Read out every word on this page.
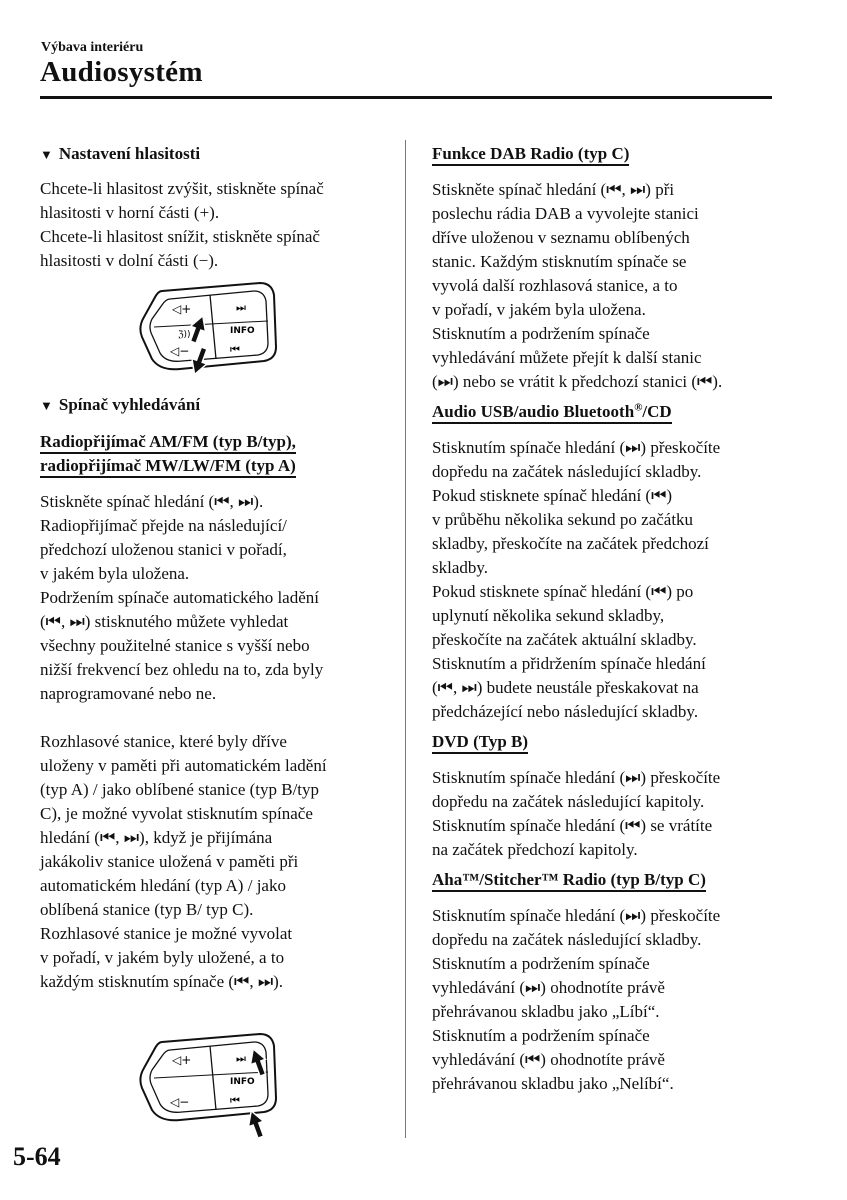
Výbava interiéru
Audiosystém

▼ Nastavení hlasitosti

Chcete-li hlasitost zvýšit, stiskněte spínač

hlasitosti v horní části (+).

Chcete-li hlasitost snížit, stiskněte spínač

hlasitosti v dolní části (−).

◁+
ℨ))
◁−
⏭
INFO
⏮

▼ Spínač vyhledávání

Radiopřijímač AM/FM (typ B/typ),
radiopřijímač MW/LW/FM (typ A)

Stiskněte spínač hledání (⏮, ⏭).

Radiopřijímač přejde na následující/

předchozí uloženou stanici v pořadí,

v jakém byla uložena.

Podržením spínače automatického ladění

(⏮, ⏭) stisknutého můžete vyhledat

všechny použitelné stanice s vyšší nebo

nižší frekvencí bez ohledu na to, zda byly

naprogramované nebo ne.

Rozhlasové stanice, které byly dříve

uloženy v paměti při automatickém ladění

(typ A) / jako oblíbené stanice (typ B/typ

C), je možné vyvolat stisknutím spínače

hledání (⏮, ⏭), když je přijímána

jakákoliv stanice uložená v paměti při

automatickém hledání (typ A) / jako

oblíbená stanice (typ B/ typ C).

Rozhlasové stanice je možné vyvolat

v pořadí, v jakém byly uložené, a to

každým stisknutím spínače (⏮, ⏭).

◁+
◁−
⏭
INFO
⏮
Funkce DAB Radio (typ C)

Stiskněte spínač hledání (⏮, ⏭) při

poslechu rádia DAB a vyvolejte stanici

dříve uloženou v seznamu oblíbených

stanic. Každým stisknutím spínače se

vyvolá další rozhlasová stanice, a to

v pořadí, v jakém byla uložena.

Stisknutím a podržením spínače

vyhledávání můžete přejít k další stanic

(⏭) nebo se vrátit k předchozí stanici (⏮).

Audio USB/audio Bluetooth®/CD

Stisknutím spínače hledání (⏭) přeskočíte

dopředu na začátek následující skladby.

Pokud stisknete spínač hledání (⏮)

v průběhu několika sekund po začátku

skladby, přeskočíte na začátek předchozí

skladby.

Pokud stisknete spínač hledání (⏮) po

uplynutí několika sekund skladby,

přeskočíte na začátek aktuální skladby.

Stisknutím a přidržením spínače hledání

(⏮, ⏭) budete neustále přeskakovat na

předcházející nebo následující skladby.

DVD (Typ B)

Stisknutím spínače hledání (⏭) přeskočíte

dopředu na začátek následující kapitoly.

Stisknutím spínače hledání (⏮) se vrátíte

na začátek předchozí kapitoly.

Aha™/Stitcher™ Radio (typ B/typ C)

Stisknutím spínače hledání (⏭) přeskočíte

dopředu na začátek následující skladby.

Stisknutím a podržením spínače

vyhledávání (⏭) ohodnotíte právě

přehrávanou skladbu jako „Líbí“.

Stisknutím a podržením spínače

vyhledávání (⏮) ohodnotíte právě

přehrávanou skladbu jako „Nelíbí“.

5-64
